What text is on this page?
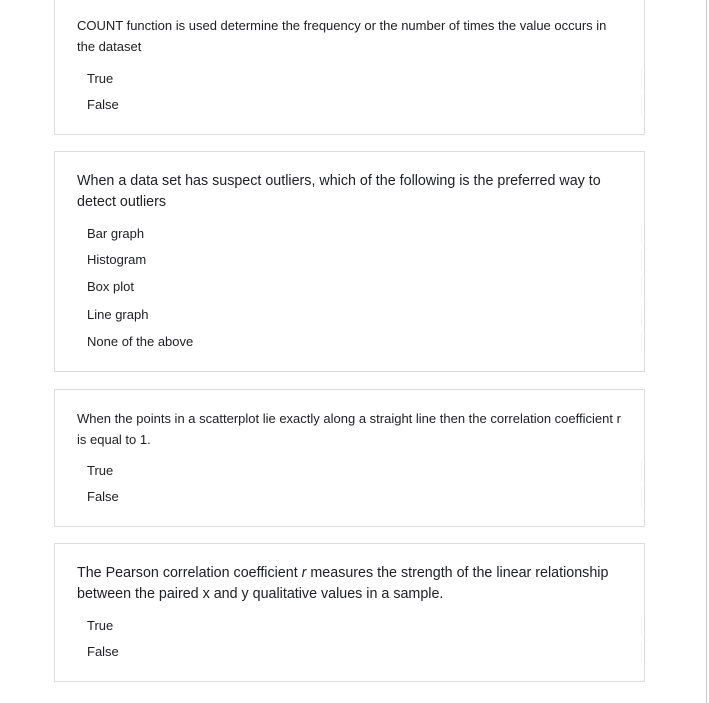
COUNT function is used determine the frequency or the number of times the value occurs in the dataset

True
False

When a data set has suspect outliers, which of the following is the preferred way to detect outliers

Bar graph
Histogram
Box plot
Line graph
None of the above

When the points in a scatterplot lie exactly along a straight line then the correlation coefficient r is equal to 1.

True
False

The Pearson correlation coefficient r measures the strength of the linear relationship between the paired x and y qualitative values in a sample.

True
False
